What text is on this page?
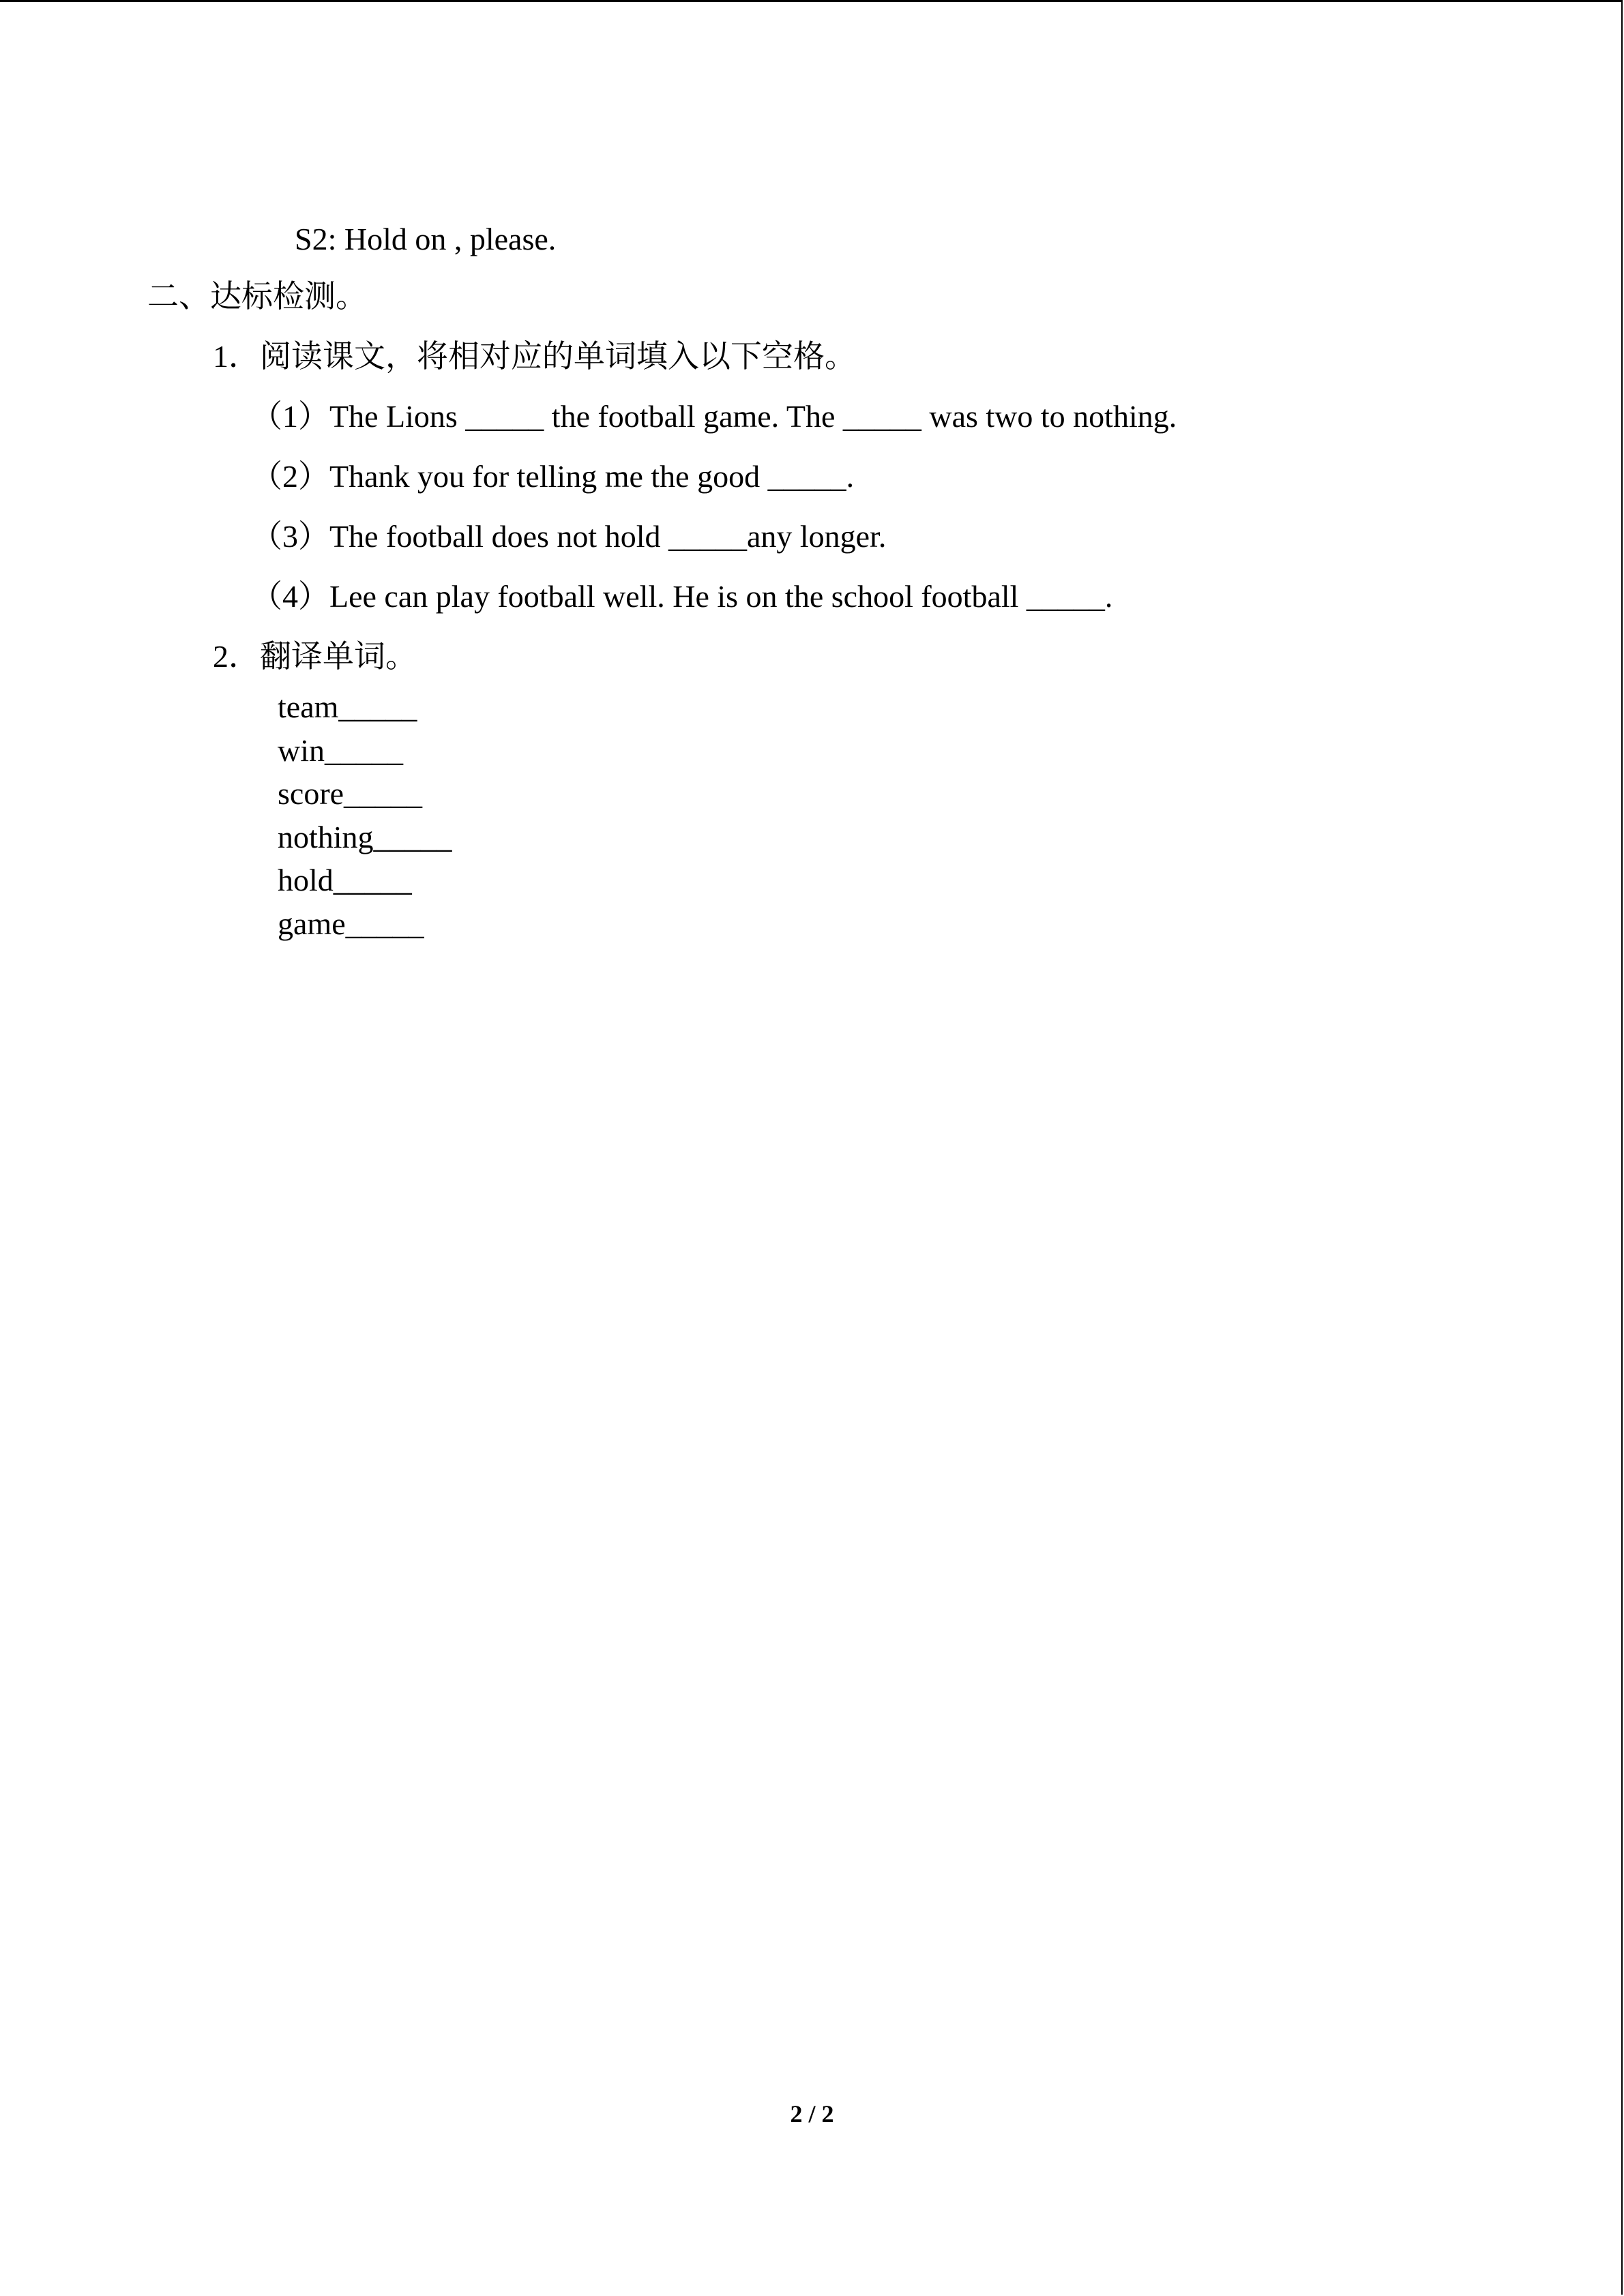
S2: Hold on , please.
二、达标检测。
1．阅读课文，将相对应的单词填入以下空格。
（1）The Lions _____ the football game. The _____ was two to nothing.
（2）Thank you for telling me the good _____.
（3）The football does not hold _____any longer.
（4）Lee can play football well. He is on the school football _____.
2．翻译单词。
team_____
win_____
score_____
nothing_____
hold_____
game_____
2 / 2
